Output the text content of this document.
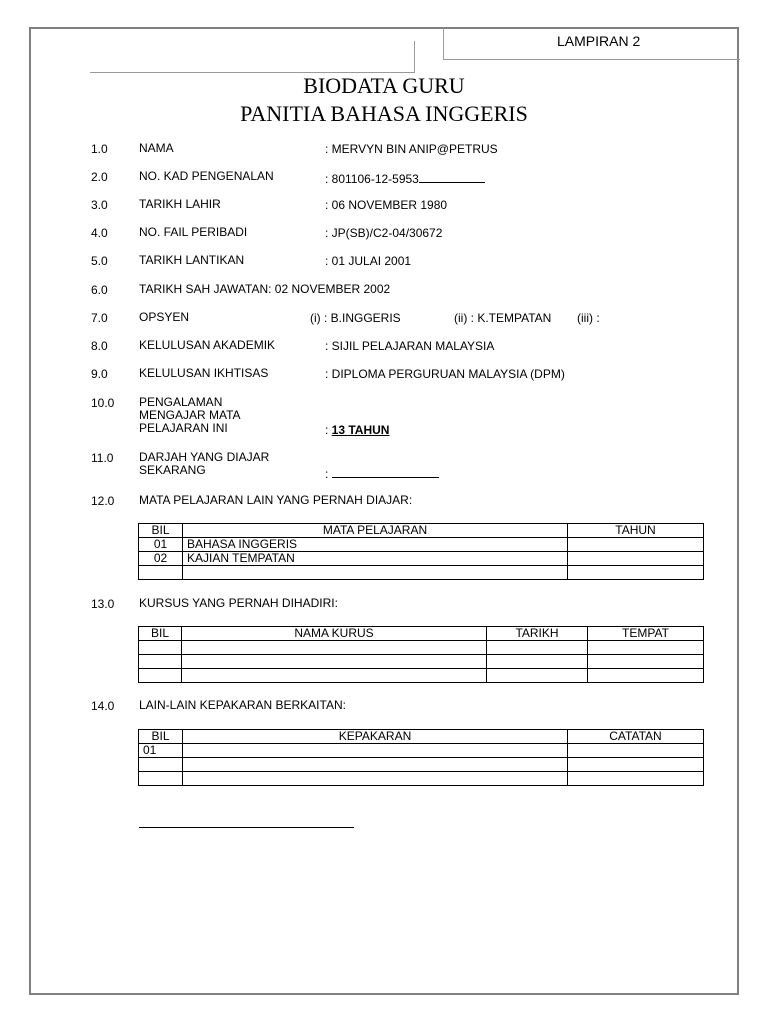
LAMPIRAN 2
BIODATA GURU
PANITIA BAHASA INGGERIS
1.0	NAMA	: MERVYN BIN ANIP@PETRUS
2.0	NO. KAD PENGENALAN	: 801106-12-5953
3.0	TARIKH LAHIR	: 06 NOVEMBER 1980
4.0	NO. FAIL PERIBADI	: JP(SB)/C2-04/30672
5.0	TARIKH LANTIKAN	: 01 JULAI 2001
6.0	TARIKH SAH JAWATAN: 02 NOVEMBER 2002
7.0	OPSYEN	(i) : B.INGGERIS	(ii) : K.TEMPATAN (iii) :
8.0	KELULUSAN AKADEMIK	: SIJIL PELAJARAN MALAYSIA
9.0	KELULUSAN IKHTISAS	: DIPLOMA PERGURUAN MALAYSIA (DPM)
10.0 PENGALAMAN
MENGAJAR MATA
PELAJARAN INI	: 13 TAHUN
11.0 DARJAH YANG DIAJAR
SEKARANG	:
12.0 MATA PELAJARAN LAIN YANG PERNAH DIAJAR:
BIL	MATA PELAJARAN	TAHUN
01	BAHASA INGGERIS	
02	KAJIAN TEMPATAN	

13.0 KURSUS YANG PERNAH DIHADIRI:
BIL	NAMA KURUS	TARIKH	TEMPAT

14.0 LAIN-LAIN KEPAKARAN BERKAITAN:
BIL	KEPAKARAN	CATATAN
01		
